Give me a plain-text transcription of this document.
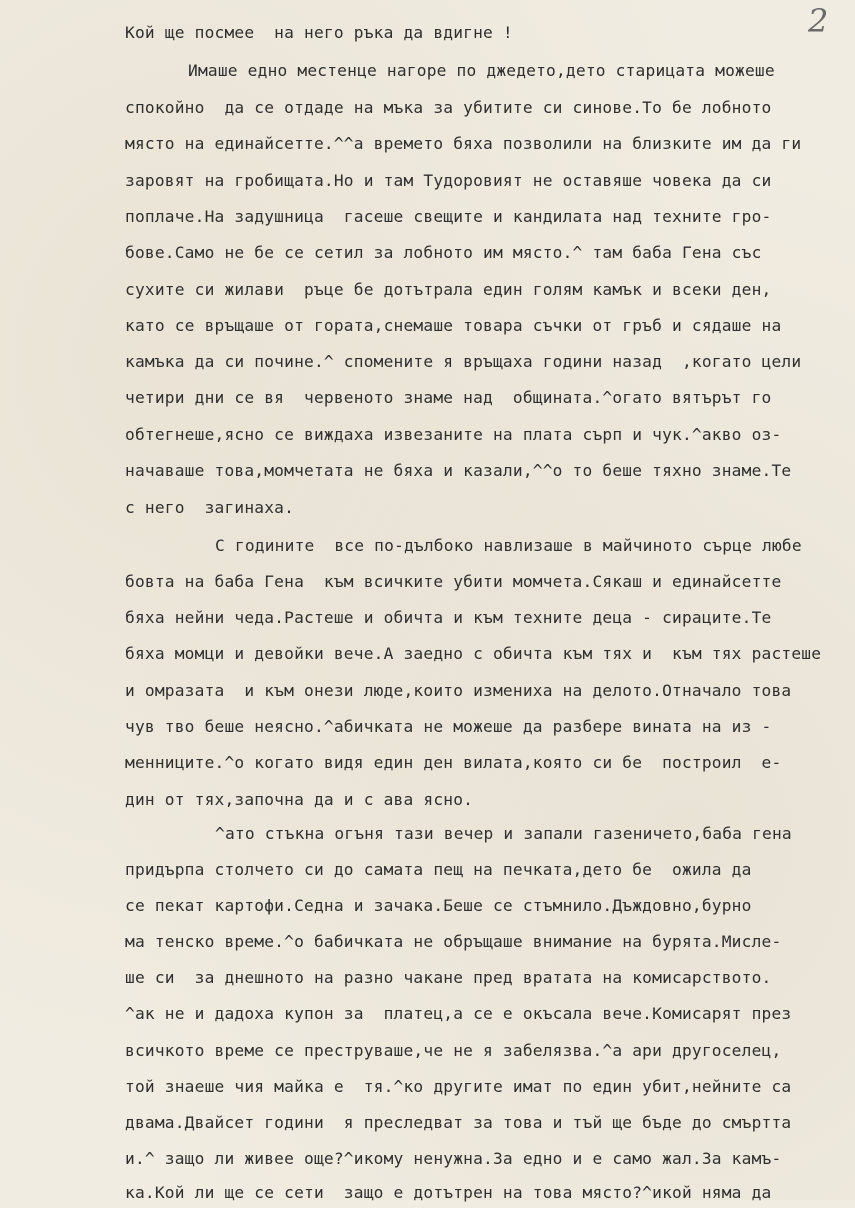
2
Кой ще посмее  на него ръка да вдигне !
Имаше едно местенце нагоре по джедето,дето старицата можеше
спокойно  да се отдаде на мъка за убитите си синове.То бе лобното
място на единайсетте.^^а времето бяха позволили на близките им да ги
заровят на гробищата.Но и там Тудоровият не оставяше човека да си
поплаче.На задушница  гасеше свещите и кандилата над техните гро-
бове.Само не бе се сетил за лобното им място.^ там баба Гена със
сухите си жилави  ръце бе дотътрала един голям камък и всеки ден,
като се връщаше от гората,снемаше товара съчки от гръб и сядаше на
камъка да си почине.^ спомените я връщаха години назад  ,когато цели
четири дни се вя  червеното знаме над  общината.^огато вятърът го
обтегнеше,ясно се виждаха извезаните на плата сърп и чук.^акво оз-
начаваше това,момчетата не бяха и казали,^^о то беше тяхно знаме.Те
с него  загинаха.
С годините  все по-дълбоко навлизаше в майчиното сърце любе
бовта на баба Гена  към всичките убити момчета.Сякаш и единайсетте
бяха нейни чеда.Растеше и обичта и към техните деца - сираците.Те
бяха момци и девойки вече.А заедно с обичта към тях и  към тях растеше
и омразата  и към онези люде,които измениха на делото.Отначало това
чув тво беше неясно.^абичката не можеше да разбере вината на из -
менниците.^о когато видя един ден вилата,която си бе  построил  е-
дин от тях,започна да и с ава ясно.
^ато стъкна огъня тази вечер и запали газеничето,баба гена
придърпа столчето си до самата пещ на печката,дето бе  ожила да
се пекат картофи.Седна и зачака.Беше се стъмнило.Дъждовно,бурно
ма тенско време.^о бабичката не обръщаше внимание на бурята.Мисле-
ше си  за днешното на разно чакане пред вратата на комисарството.
^ак не и дадоха купон за  платец,а се е окъсала вече.Комисарят през
всичкото време се преструваше,че не я забелязва.^а ари другоселец,
той знаеше чия майка е  тя.^ко другите имат по един убит,нейните са
двама.Двайсет години  я преследват за това и тъй ще бъде до смъртта
и.^ защо ли живее още?^икому ненужна.За едно и е само жал.За камъ-
ка.Кой ли ще се сети  защо е дотътрен на това място?^икой няма да
